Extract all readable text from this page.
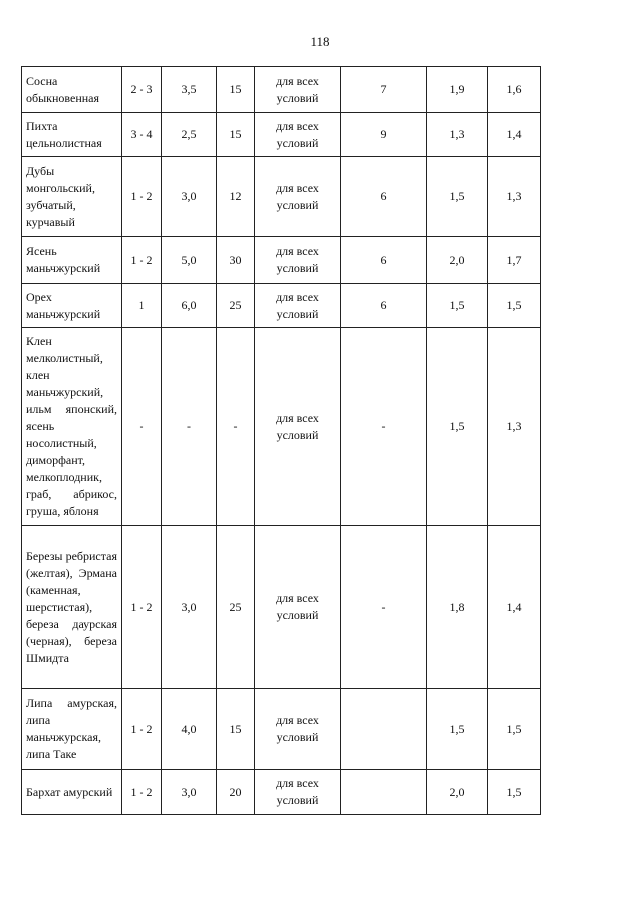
118
Сосна обыкновенная	2 - 3	3,5	15	для всех условий	7	1,9	1,6
Пихта цельнолистная	3 - 4	2,5	15	для всех условий	9	1,3	1,4
Дубы монгольский, зубчатый, курчавый	1 - 2	3,0	12	для всех условий	6	1,5	1,3
Ясень маньчжурский	1 - 2	5,0	30	для всех условий	6	2,0	1,7
Орех маньчжурский	1	6,0	25	для всех условий	6	1,5	1,5
Клен мелколистный, клен маньчжурский, ильм японский, ясень носолистный, диморфант, мелкоплодник, граб, абрикос, груша, яблоня	-	-	-	для всех условий	-	1,5	1,3
Березы ребристая (желтая), Эрмана (каменная, шерстистая), береза даурская (черная), береза Шмидта	1 - 2	3,0	25	для всех условий	-	1,8	1,4
Липа амурская, липа маньчжурская, липа Таке	1 - 2	4,0	15	для всех условий		1,5	1,5
Бархат амурский	1 - 2	3,0	20	для всех условий		2,0	1,5
